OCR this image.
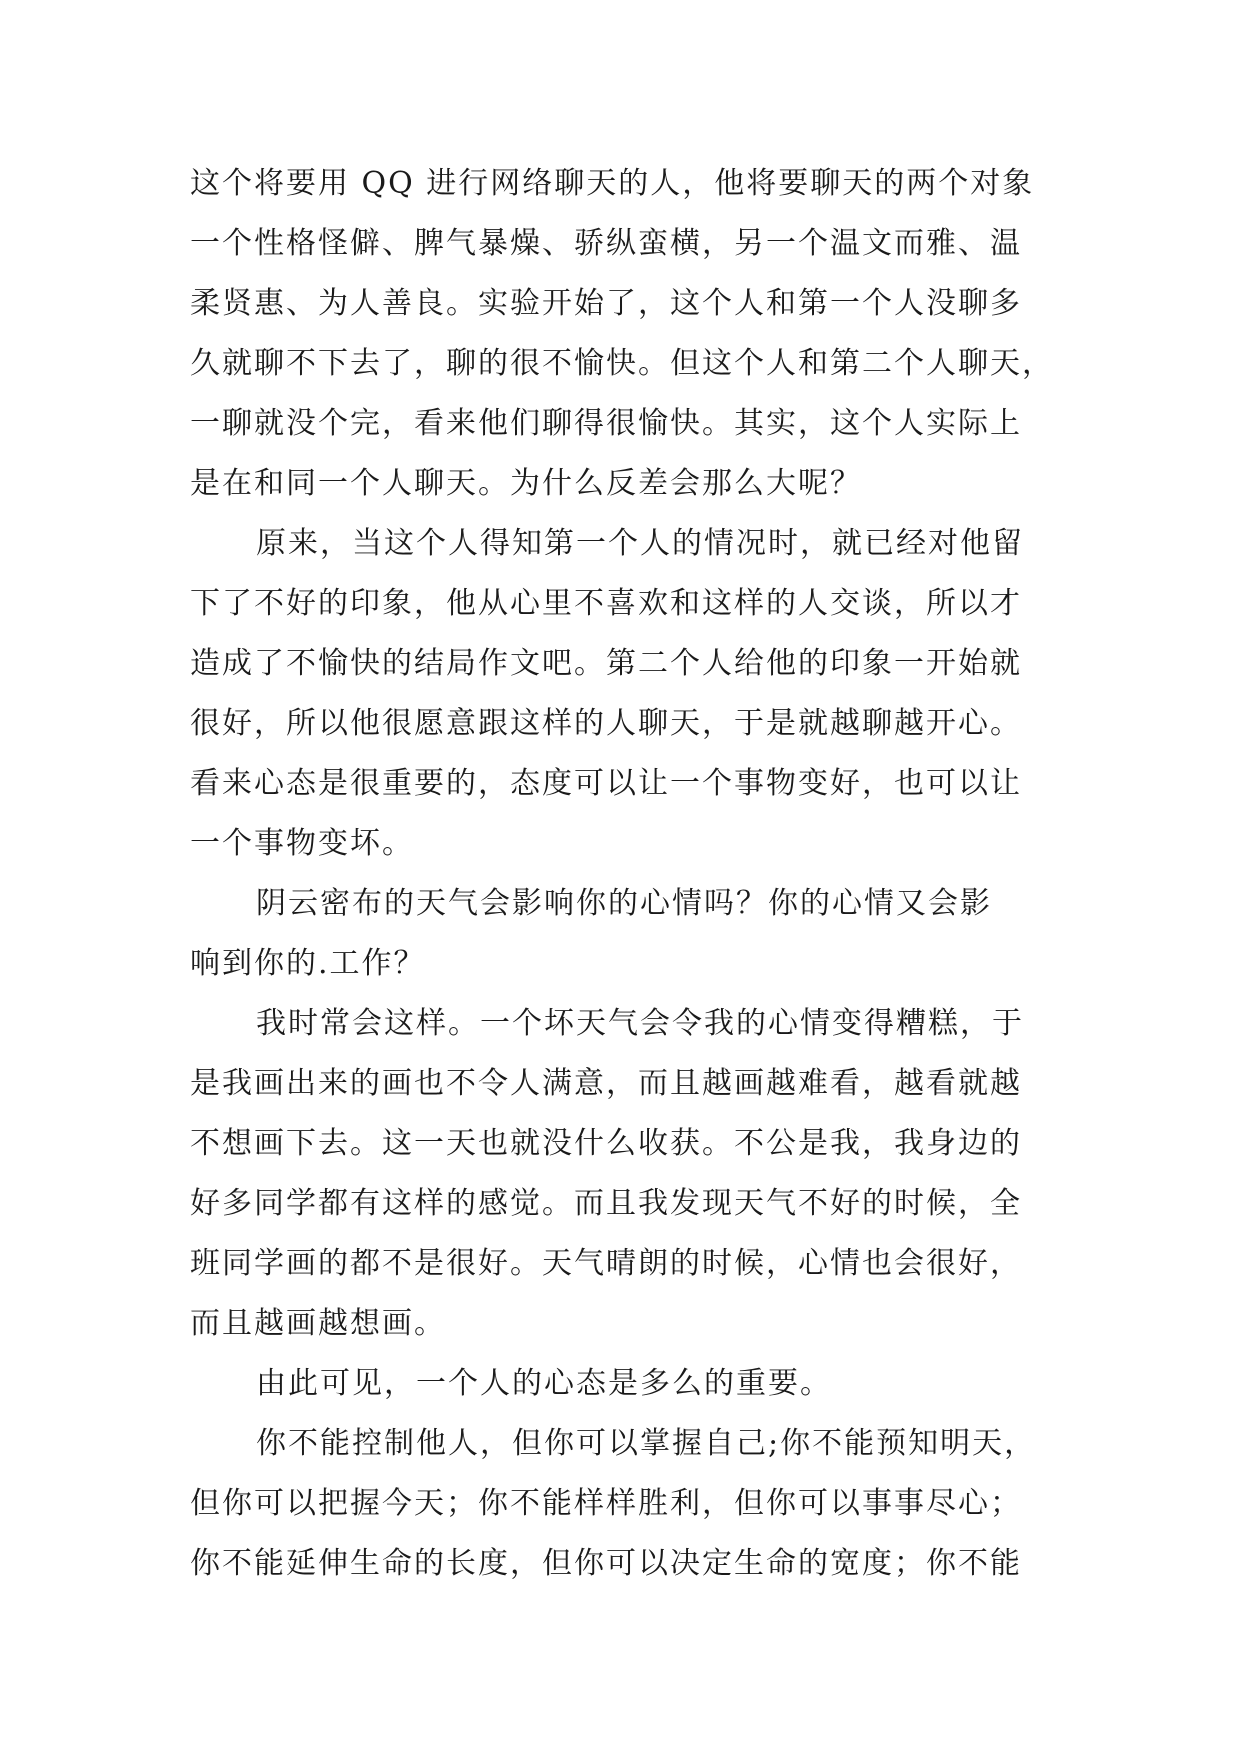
这个将要用 QQ 进行网络聊天的人，他将要聊天的两个对象
一个性格怪僻、脾气暴燥、骄纵蛮横，另一个温文而雅、温
柔贤惠、为人善良。实验开始了，这个人和第一个人没聊多
久就聊不下去了，聊的很不愉快。但这个人和第二个人聊天，
一聊就没个完，看来他们聊得很愉快。其实，这个人实际上
是在和同一个人聊天。为什么反差会那么大呢？
原来，当这个人得知第一个人的情况时，就已经对他留
下了不好的印象，他从心里不喜欢和这样的人交谈，所以才
造成了不愉快的结局作文吧。第二个人给他的印象一开始就
很好，所以他很愿意跟这样的人聊天，于是就越聊越开心。
看来心态是很重要的，态度可以让一个事物变好，也可以让
一个事物变坏。
阴云密布的天气会影响你的心情吗？你的心情又会影
响到你的.工作？
我时常会这样。一个坏天气会令我的心情变得糟糕，于
是我画出来的画也不令人满意，而且越画越难看，越看就越
不想画下去。这一天也就没什么收获。不公是我，我身边的
好多同学都有这样的感觉。而且我发现天气不好的时候，全
班同学画的都不是很好。天气晴朗的时候，心情也会很好，
而且越画越想画。
由此可见，一个人的心态是多么的重要。
你不能控制他人，但你可以掌握自己;你不能预知明天，
但你可以把握今天；你不能样样胜利，但你可以事事尽心；
你不能延伸生命的长度，但你可以决定生命的宽度；你不能
